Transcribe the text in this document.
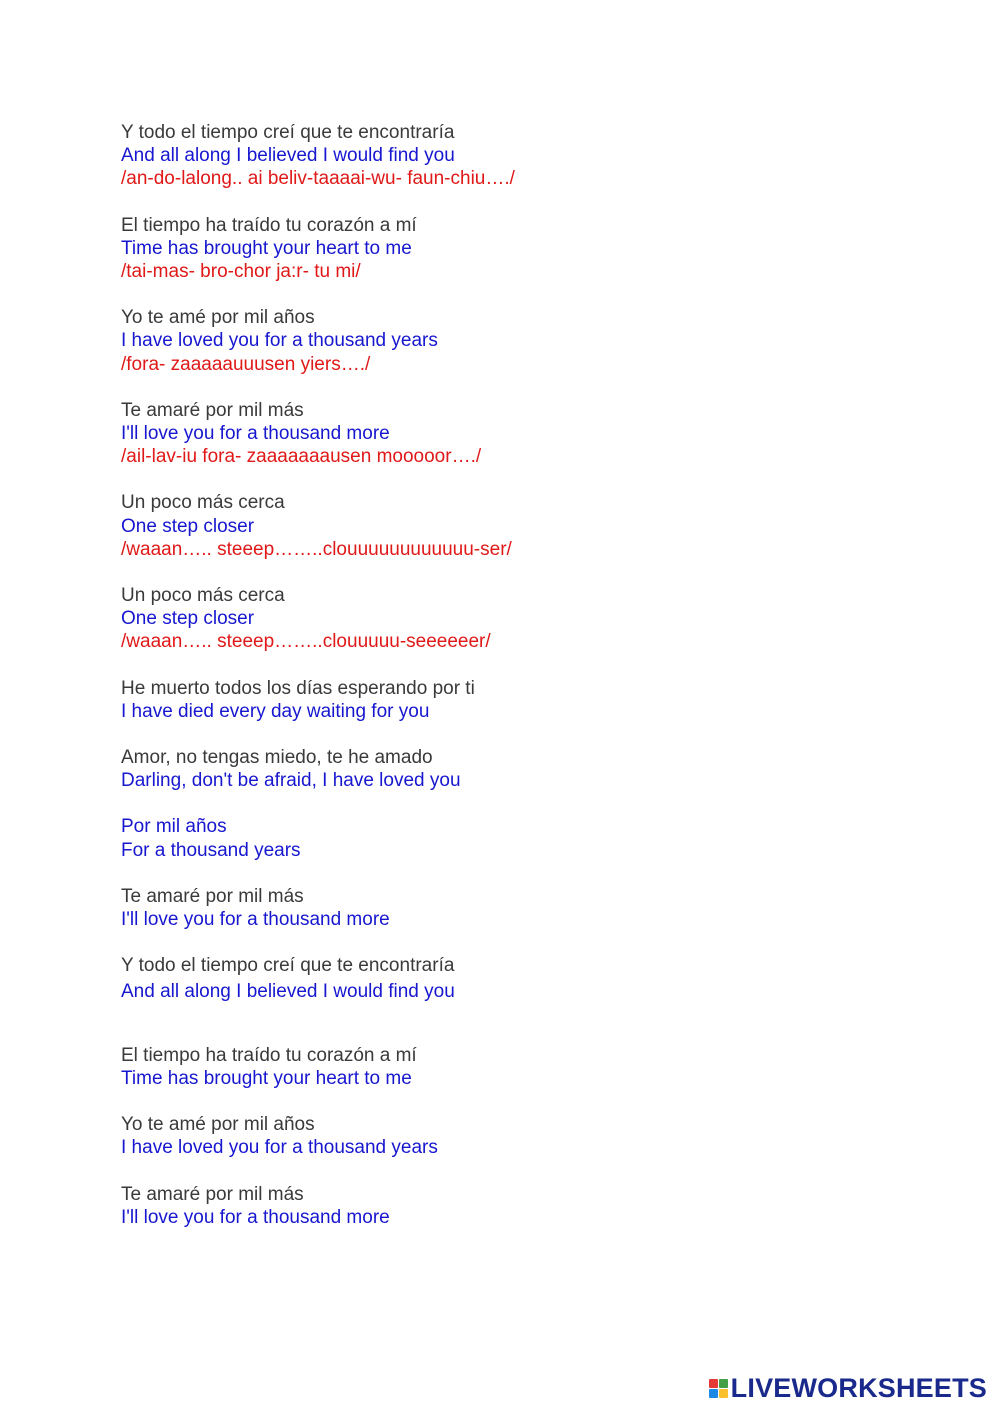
Y todo el tiempo creí que te encontraría
And all along I believed I would find you
/an-do-lalong.. ai beliv-taaaai-wu- faun-chiu…./
El tiempo ha traído tu corazón a mí
Time has brought your heart to me
/tai-mas- bro-chor ja:r- tu mi/
Yo te amé por mil años
I have loved you for a thousand years
/fora- zaaaaauuusen yiers…./
Te amaré por mil más
I'll love you for a thousand more
/ail-lav-iu fora- zaaaaaaausen mooooor…./
Un poco más cerca
One step closer
/waaan….. steeep……..clouuuuuuuuuuuu-ser/
Un poco más cerca
One step closer
/waaan….. steeep……..clouuuuu-seeeeeer/
He muerto todos los días esperando por ti
I have died every day waiting for you
Amor, no tengas miedo, te he amado
Darling, don't be afraid, I have loved you
Por mil años
For a thousand years
Te amaré por mil más
I'll love you for a thousand more
Y todo el tiempo creí que te encontraría
And all along I believed I would find you
El tiempo ha traído tu corazón a mí
Time has brought your heart to me
Yo te amé por mil años
I have loved you for a thousand years
Te amaré por mil más
I'll love you for a thousand more
LIVEWORKSHEETS
